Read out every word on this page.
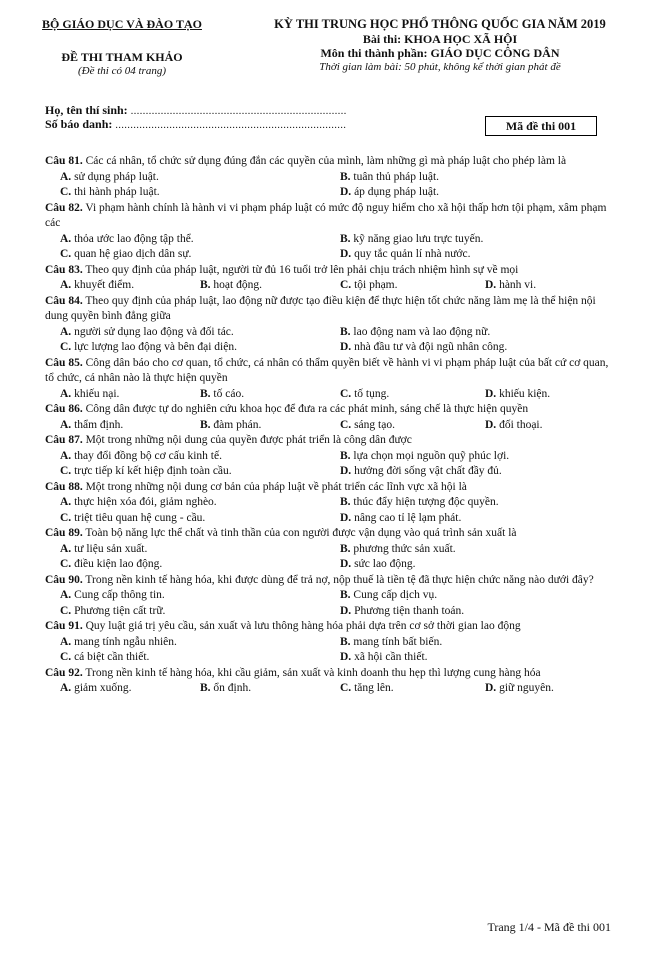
BỘ GIÁO DỤC VÀ ĐÀO TẠO
ĐỀ THI THAM KHẢO
(Đề thi có 04 trang)
KỲ THI TRUNG HỌC PHỔ THÔNG QUỐC GIA NĂM 2019
Bài thi: KHOA HỌC XÃ HỘI
Môn thi thành phần: GIÁO DỤC CÔNG DÂN
Thời gian làm bài: 50 phút, không kể thời gian phát đề
Họ, tên thí sinh: ........................................................................
Số báo danh: .............................................................................	Mã đề thi 001
Câu 81. Các cá nhân, tổ chức sử dụng đúng đắn các quyền của mình, làm những gì mà pháp luật cho phép làm là
A. sử dụng pháp luật.	B. tuân thủ pháp luật.
C. thi hành pháp luật.	D. áp dụng pháp luật.
Câu 82. Vi phạm hành chính là hành vi vi phạm pháp luật có mức độ nguy hiểm cho xã hội thấp hơn tội phạm, xâm phạm các
A. thỏa ước lao động tập thể.	B. kỹ năng giao lưu trực tuyến.
C. quan hệ giao dịch dân sự.	D. quy tắc quản lí nhà nước.
Câu 83. Theo quy định của pháp luật, người từ đủ 16 tuổi trở lên phải chịu trách nhiệm hình sự về mọi
A. khuyết điểm.	B. hoạt động.	C. tội phạm.	D. hành vi.
Câu 84. Theo quy định của pháp luật, lao động nữ được tạo điều kiện để thực hiện tốt chức năng làm mẹ là thể hiện nội dung quyền bình đẳng giữa
A. người sử dụng lao động và đối tác.	B. lao động nam và lao động nữ.
C. lực lượng lao động và bên đại diện.	D. nhà đầu tư và đội ngũ nhân công.
Câu 85. Công dân báo cho cơ quan, tổ chức, cá nhân có thẩm quyền biết về hành vi vi phạm pháp luật của bất cứ cơ quan, tổ chức, cá nhân nào là thực hiện quyền
A. khiếu nại.	B. tố cáo.	C. tố tụng.	D. khiếu kiện.
Câu 86. Công dân được tự do nghiên cứu khoa học để đưa ra các phát minh, sáng chế là thực hiện quyền
A. thẩm định.	B. đàm phán.	C. sáng tạo.	D. đối thoại.
Câu 87. Một trong những nội dung của quyền được phát triển là công dân được
A. thay đổi đồng bộ cơ cấu kinh tế.	B. lựa chọn mọi nguồn quỹ phúc lợi.
C. trực tiếp kí kết hiệp định toàn cầu.	D. hưởng đời sống vật chất đầy đủ.
Câu 88. Một trong những nội dung cơ bản của pháp luật về phát triển các lĩnh vực xã hội là
A. thực hiện xóa đói, giảm nghèo.	B. thúc đẩy hiện tượng độc quyền.
C. triệt tiêu quan hệ cung - cầu.	D. nâng cao tỉ lệ lạm phát.
Câu 89. Toàn bộ năng lực thể chất và tinh thần của con người được vận dụng vào quá trình sản xuất là
A. tư liệu sản xuất.	B. phương thức sản xuất.
C. điều kiện lao động.	D. sức lao động.
Câu 90. Trong nền kinh tế hàng hóa, khi được dùng để trả nợ, nộp thuế là tiền tệ đã thực hiện chức năng nào dưới đây?
A. Cung cấp thông tin.	B. Cung cấp dịch vụ.
C. Phương tiện cất trữ.	D. Phương tiện thanh toán.
Câu 91. Quy luật giá trị yêu cầu, sản xuất và lưu thông hàng hóa phải dựa trên cơ sở thời gian lao động
A. mang tính ngẫu nhiên.	B. mang tính bất biến.
C. cá biệt cần thiết.	D. xã hội cần thiết.
Câu 92. Trong nền kinh tế hàng hóa, khi cầu giảm, sản xuất và kinh doanh thu hẹp thì lượng cung hàng hóa
A. giảm xuống.	B. ổn định.	C. tăng lên.	D. giữ nguyên.
Trang 1/4 - Mã đề thi 001
